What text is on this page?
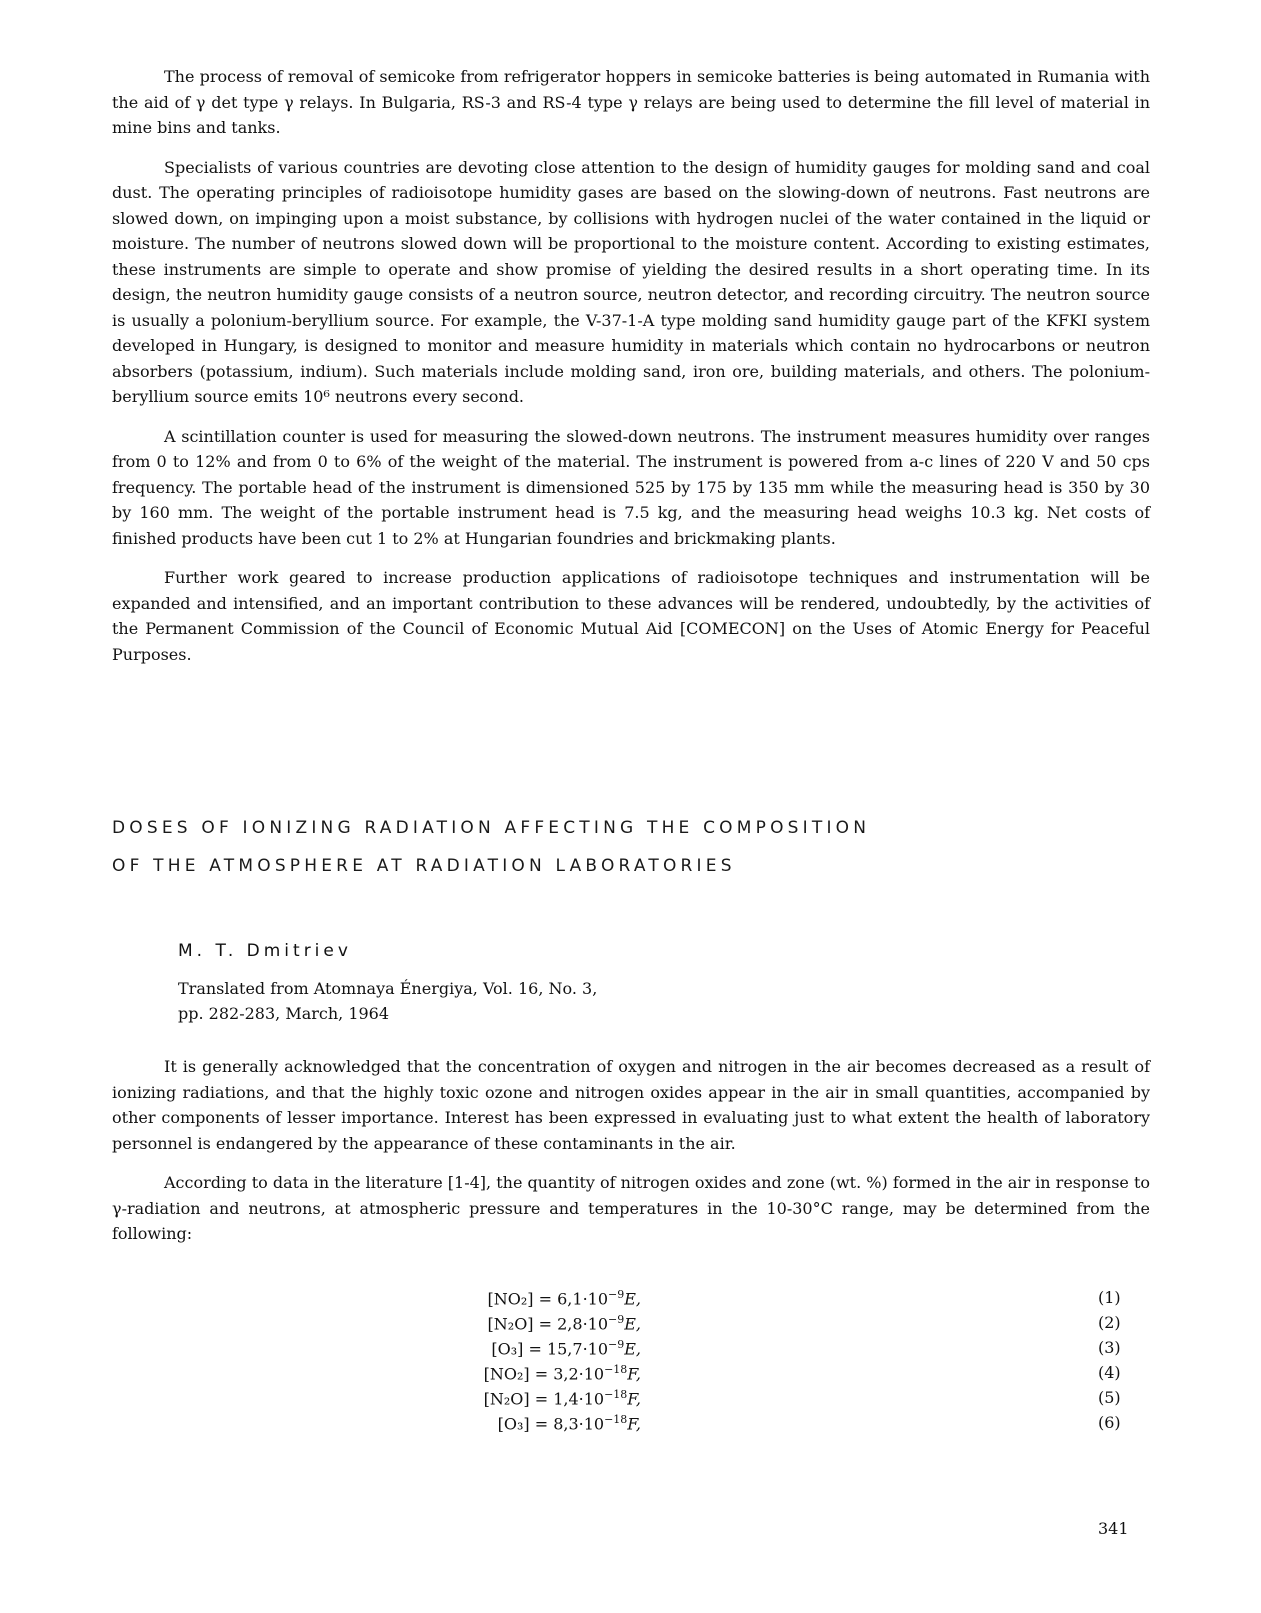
The process of removal of semicoke from refrigerator hoppers in semicoke batteries is being automated in Rumania with the aid of γ det type γ relays. In Bulgaria, RS-3 and RS-4 type γ relays are being used to determine the fill level of material in mine bins and tanks.

Specialists of various countries are devoting close attention to the design of humidity gauges for molding sand and coal dust. The operating principles of radioisotope humidity gases are based on the slowing-down of neutrons. Fast neutrons are slowed down, on impinging upon a moist substance, by collisions with hydrogen nuclei of the water contained in the liquid or moisture. The number of neutrons slowed down will be proportional to the moisture content. According to existing estimates, these instruments are simple to operate and show promise of yielding the desired results in a short operating time. In its design, the neutron humidity gauge consists of a neutron source, neutron detector, and recording circuitry. The neutron source is usually a polonium-beryllium source. For example, the V-37-1-A type molding sand humidity gauge part of the KFKI system developed in Hungary, is designed to monitor and measure humidity in materials which contain no hydrocarbons or neutron absorbers (potassium, indium). Such materials include molding sand, iron ore, building materials, and others. The polonium-beryllium source emits 10⁶ neutrons every second.

A scintillation counter is used for measuring the slowed-down neutrons. The instrument measures humidity over ranges from 0 to 12% and from 0 to 6% of the weight of the material. The instrument is powered from a-c lines of 220 V and 50 cps frequency. The portable head of the instrument is dimensioned 525 by 175 by 135 mm while the measuring head is 350 by 30 by 160 mm. The weight of the portable instrument head is 7.5 kg, and the measuring head weighs 10.3 kg. Net costs of finished products have been cut 1 to 2% at Hungarian foundries and brickmaking plants.

Further work geared to increase production applications of radioisotope techniques and instrumentation will be expanded and intensified, and an important contribution to these advances will be rendered, undoubtedly, by the activities of the Permanent Commission of the Council of Economic Mutual Aid [COMECON] on the Uses of Atomic Energy for Peaceful Purposes.

DOSES OF IONIZING RADIATION AFFECTING THE COMPOSITION
OF THE ATMOSPHERE AT RADIATION LABORATORIES
M. T. Dmitriev
Translated from Atomnaya Énergiya, Vol. 16, No. 3,
pp. 282-283, March, 1964

It is generally acknowledged that the concentration of oxygen and nitrogen in the air becomes decreased as a result of ionizing radiations, and that the highly toxic ozone and nitrogen oxides appear in the air in small quantities, accompanied by other components of lesser importance. Interest has been expressed in evaluating just to what extent the health of laboratory personnel is endangered by the appearance of these contaminants in the air.

According to data in the literature [1-4], the quantity of nitrogen oxides and zone (wt. %) formed in the air in response to γ-radiation and neutrons, at atmospheric pressure and temperatures in the 10-30°C range, may be determined from the following:

$[NO_2] = 6,1\cdot 10^{-9}E$,	(1)
$[N_2O] = 2,8\cdot 10^{-9}E$,	(2)
$[O_3] = 15,7\cdot 10^{-9}E$,	(3)
$[NO_2] = 3,2\cdot 10^{-18}F$,	(4)
$[N_2O] = 1,4\cdot 10^{-18}F$,	(5)
$[O_3] = 8,3\cdot 10^{-18}F$,	(6)
341
